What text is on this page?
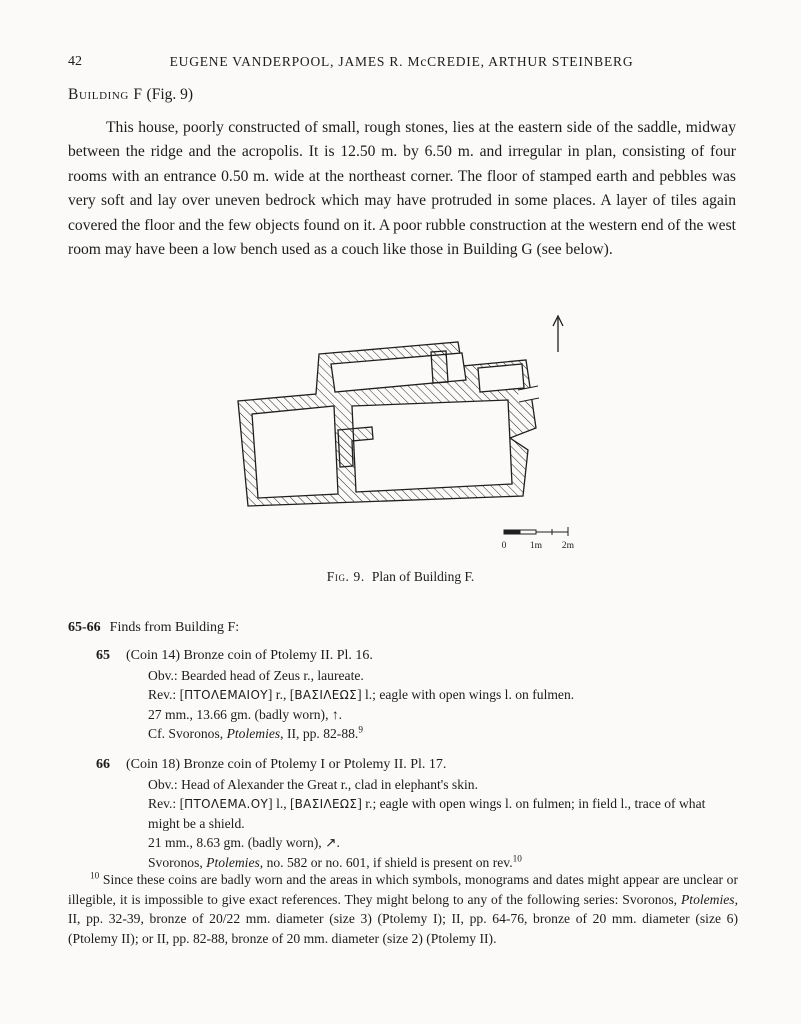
42	EUGENE VANDERPOOL, JAMES R. McCREDIE, ARTHUR STEINBERG
Building F (Fig. 9)

This house, poorly constructed of small, rough stones, lies at the eastern side of the saddle, midway between the ridge and the acropolis. It is 12.50 m. by 6.50 m. and irregular in plan, consisting of four rooms with an entrance 0.50 m. wide at the northeast corner. The floor of stamped earth and pebbles was very soft and lay over uneven bedrock which may have protruded in some places. A layer of tiles again covered the floor and the few objects found on it. A poor rubble construction at the western end of the west room may have been a low bench used as a couch like those in Building G (see below).

0 1m 2m
Fig. 9. Plan of Building F.
65-66 Finds from Building F:
65 (Coin 14) Bronze coin of Ptolemy II. Pl. 16.
Obv.: Bearded head of Zeus r., laureate.
Rev.: [ΠΤΟΛΕΜΑΙΟΥ] r., [ΒΑΣΙΛΕΩΣ] l.; eagle with open wings l. on fulmen.
27 mm., 13.66 gm. (badly worn), ↑.
Cf. Svoronos, Ptolemies, II, pp. 82-88.$^9$
66 (Coin 18) Bronze coin of Ptolemy I or Ptolemy II. Pl. 17.
Obv.: Head of Alexander the Great r., clad in elephant's skin.
Rev.: [ΠΤΟΛΕΜΑ.ΟΥ] l., [ΒΑΣΙΛΕΩΣ] r.; eagle with open wings l. on fulmen; in field l., trace of what might be a shield.
21 mm., 8.63 gm. (badly worn), ↗.
Svoronos, Ptolemies, no. 582 or no. 601, if shield is present on rev.$^{10}$

$^{10}$ Since these coins are badly worn and the areas in which symbols, monograms and dates might appear are unclear or illegible, it is impossible to give exact references. They might belong to any of the following series: Svoronos, Ptolemies, II, pp. 32-39, bronze of 20/22 mm. diameter (size 3) (Ptolemy I); II, pp. 64-76, bronze of 20 mm. diameter (size 6) (Ptolemy II); or II, pp. 82-88, bronze of 20 mm. diameter (size 2) (Ptolemy II).
